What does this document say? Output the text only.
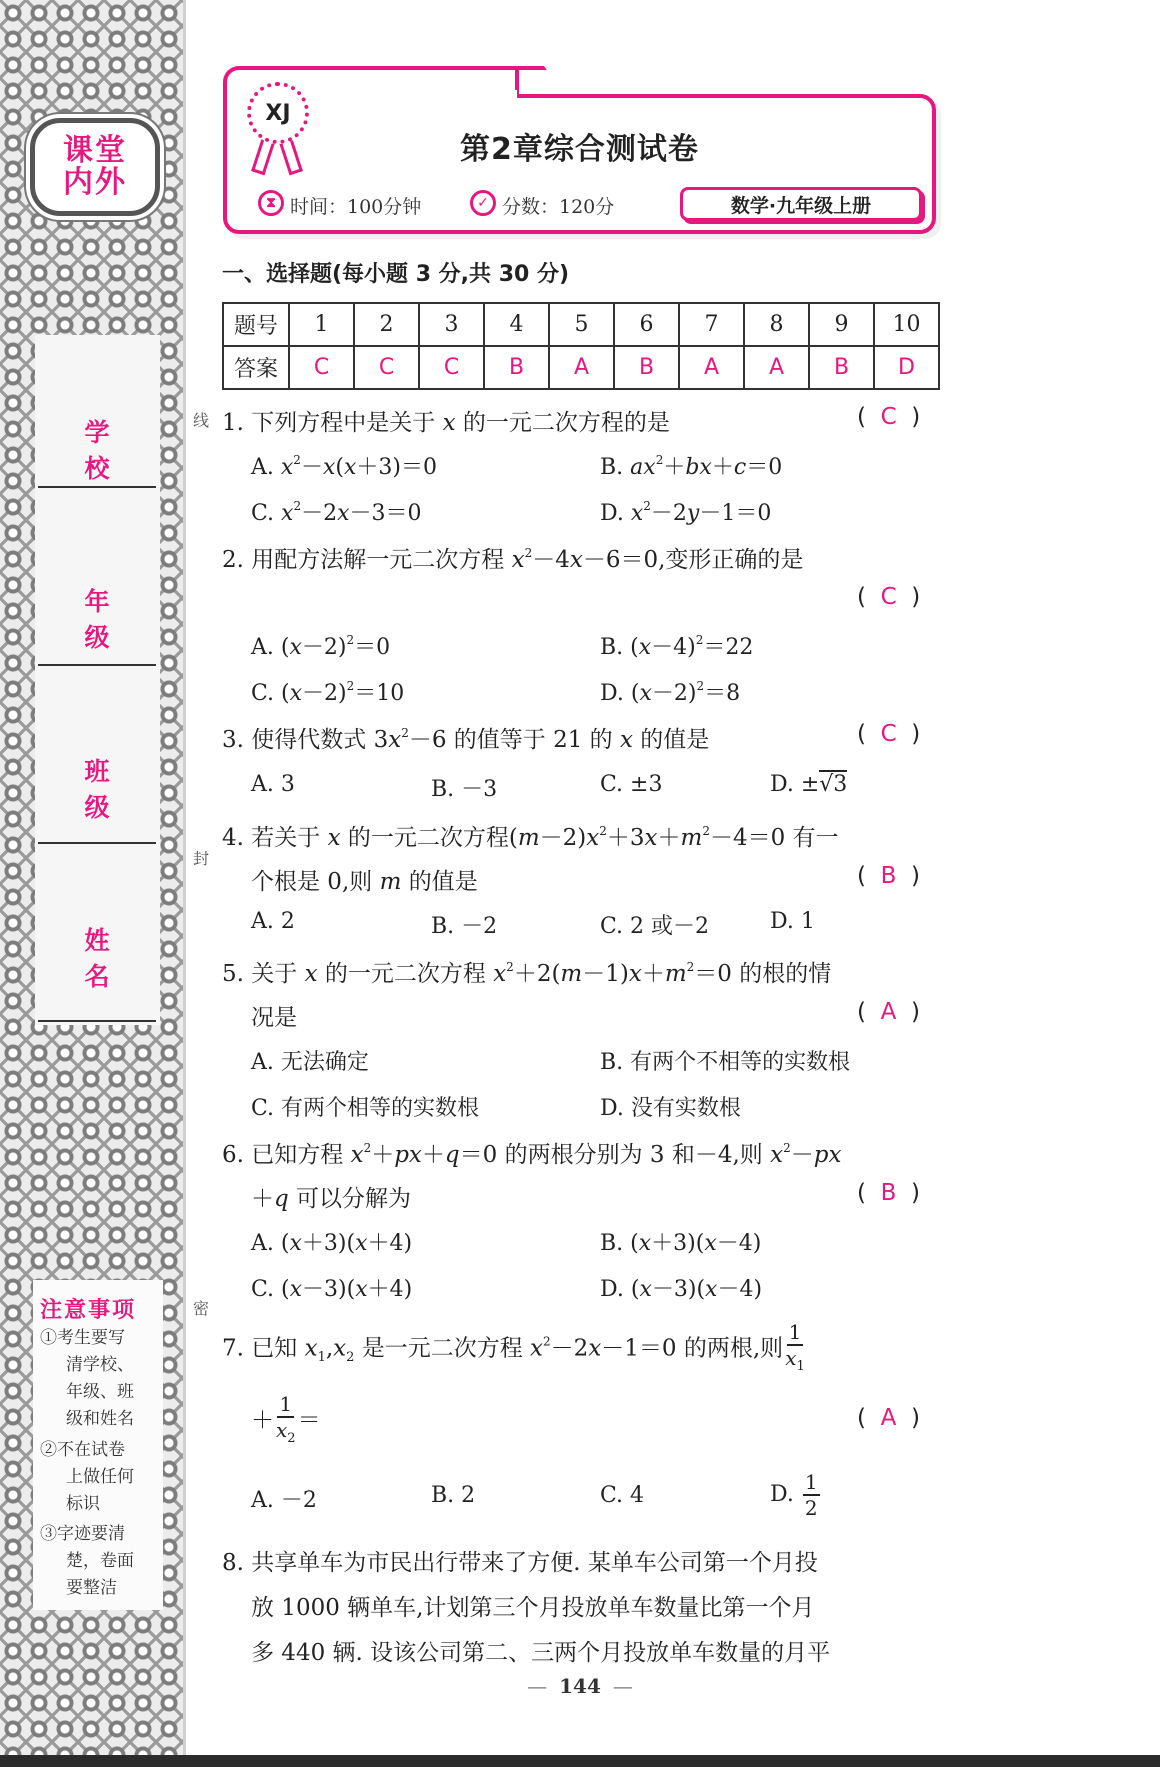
课堂
内外
学 校
年 级
班 级
姓 名
注意事项
①考生要写
清学校、
年级、班
级和姓名
②不在试卷
上做任何
标识
③字迹要清
楚，卷面
要整洁
线
封
密
XJ
第2章综合测试卷
⧗ 时间：100分钟	✓ 分数：120分	数学·九年级上册
一、选择题(每小题 3 分,共 30 分)
题号	1	2	3	4	5	6	7	8	9	10
答案	C	C	C	B	A	B	A	A	B	D
1. 下列方程中是关于 x 的一元二次方程的是	(  C  )
A. $x^2-x(x+3)=0$	B. $ax^2+bx+c=0$
C. $x^2-2x-3=0$	D. $x^2-2y-1=0$
2. 用配方法解一元二次方程 $x^2-4x-6=0$,变形正确的是
(  C  )
A. $(x-2)^2=0$	B. $(x-4)^2=22$
C. $(x-2)^2=10$	D. $(x-2)^2=8$
3. 使得代数式 $3x^2-6$ 的值等于 21 的 x 的值是	(  C  )
A. 3	B. －3	C. ±3	D. ±√3
4. 若关于 x 的一元二次方程$(m-2)x^2+3x+m^2-4=0$ 有一
个根是 0,则 m 的值是	(  B  )
A. 2	B. －2	C. 2 或－2	D. 1
5. 关于 x 的一元二次方程 $x^2+2(m-1)x+m^2=0$ 的根的情
况是	(  A  )
A. 无法确定	B. 有两个不相等的实数根
C. 有两个相等的实数根	D. 没有实数根
6. 已知方程 $x^2+px+q=0$ 的两根分别为 3 和－4,则 $x^2-px$
＋q 可以分解为	(  B  )
A. (x＋3)(x＋4)	B. (x＋3)(x－4)
C. (x－3)(x＋4)	D. (x－3)(x－4)
7. 已知 $x_1,x_2$ 是一元二次方程 $x^2-2x-1=0$ 的两根,则 $\frac{1}{x_1}$
＋ $\frac{1}{x_2}$ ＝	(  A  )
A. －2	B. 2	C. 4	D. $\frac{1}{2}$
8. 共享单车为市民出行带来了方便. 某单车公司第一个月投
放 1000 辆单车,计划第三个月投放单车数量比第一个月
多 440 辆. 设该公司第二、三两个月投放单车数量的月平
— 144 —
